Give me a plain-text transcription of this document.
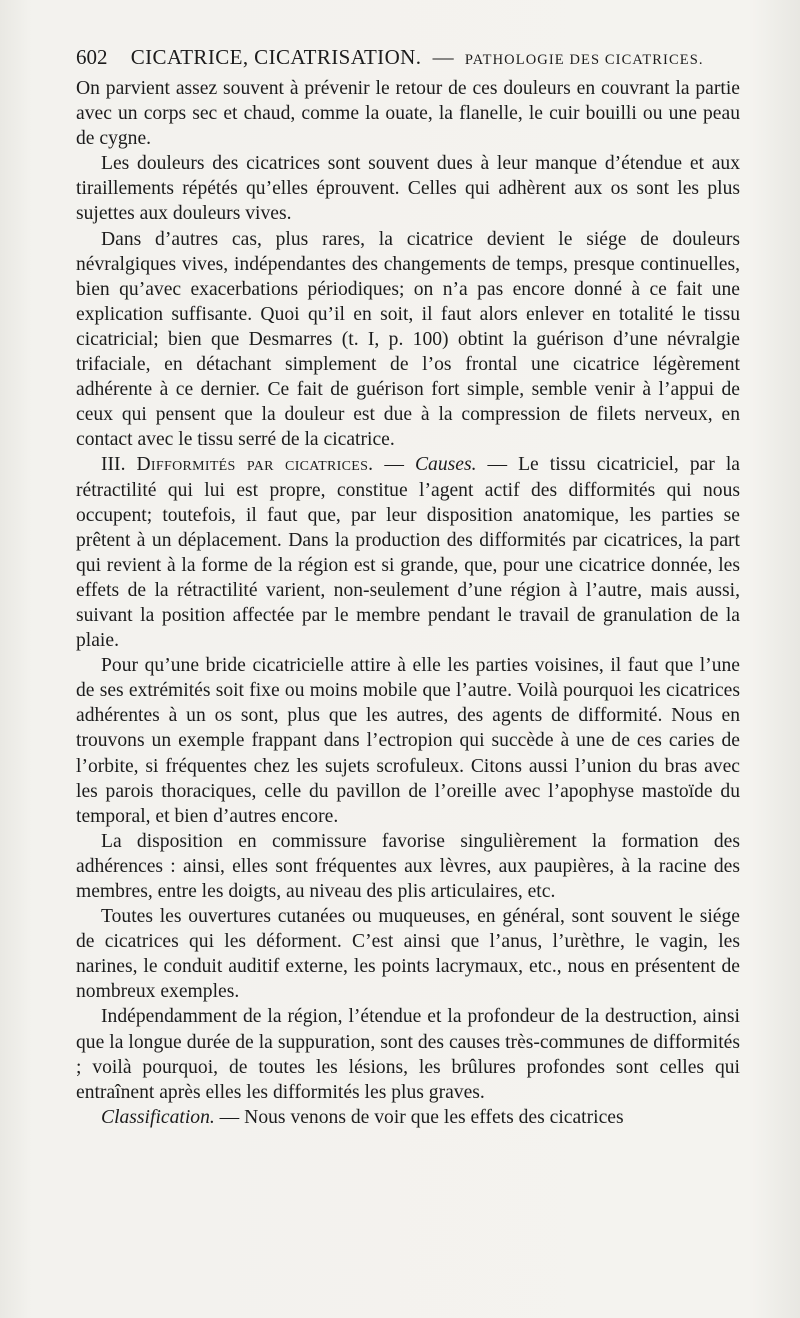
602 CICATRICE, CICATRISATION. — PATHOLOGIE DES CICATRICES.

On parvient assez souvent à prévenir le retour de ces douleurs en couvrant la partie avec un corps sec et chaud, comme la ouate, la flanelle, le cuir bouilli ou une peau de cygne.

Les douleurs des cicatrices sont souvent dues à leur manque d’étendue et aux tiraillements répétés qu’elles éprouvent. Celles qui adhèrent aux os sont les plus sujettes aux douleurs vives.

Dans d’autres cas, plus rares, la cicatrice devient le siége de douleurs névralgiques vives, indépendantes des changements de temps, presque continuelles, bien qu’avec exacerbations périodiques; on n’a pas encore donné à ce fait une explication suffisante. Quoi qu’il en soit, il faut alors enlever en totalité le tissu cicatricial; bien que Desmarres (t. I, p. 100) obtint la guérison d’une névralgie trifaciale, en détachant simplement de l’os frontal une cicatrice légèrement adhérente à ce dernier. Ce fait de guérison fort simple, semble venir à l’appui de ceux qui pensent que la douleur est due à la compression de filets nerveux, en contact avec le tissu serré de la cicatrice.

III. Difformités par cicatrices. — Causes. — Le tissu cicatriciel, par la rétractilité qui lui est propre, constitue l’agent actif des difformités qui nous occupent; toutefois, il faut que, par leur disposition anatomique, les parties se prêtent à un déplacement. Dans la production des difformités par cicatrices, la part qui revient à la forme de la région est si grande, que, pour une cicatrice donnée, les effets de la rétractilité varient, non-seulement d’une région à l’autre, mais aussi, suivant la position affectée par le membre pendant le travail de granulation de la plaie.

Pour qu’une bride cicatricielle attire à elle les parties voisines, il faut que l’une de ses extrémités soit fixe ou moins mobile que l’autre. Voilà pourquoi les cicatrices adhérentes à un os sont, plus que les autres, des agents de difformité. Nous en trouvons un exemple frappant dans l’ectropion qui succède à une de ces caries de l’orbite, si fréquentes chez les sujets scrofuleux. Citons aussi l’union du bras avec les parois thoraciques, celle du pavillon de l’oreille avec l’apophyse mastoïde du temporal, et bien d’autres encore.

La disposition en commissure favorise singulièrement la formation des adhérences : ainsi, elles sont fréquentes aux lèvres, aux paupières, à la racine des membres, entre les doigts, au niveau des plis articulaires, etc.

Toutes les ouvertures cutanées ou muqueuses, en général, sont souvent le siége de cicatrices qui les déforment. C’est ainsi que l’anus, l’urèthre, le vagin, les narines, le conduit auditif externe, les points lacrymaux, etc., nous en présentent de nombreux exemples.

Indépendamment de la région, l’étendue et la profondeur de la destruction, ainsi que la longue durée de la suppuration, sont des causes très-communes de difformités ; voilà pourquoi, de toutes les lésions, les brûlures profondes sont celles qui entraînent après elles les difformités les plus graves.

Classification. — Nous venons de voir que les effets des cicatrices
